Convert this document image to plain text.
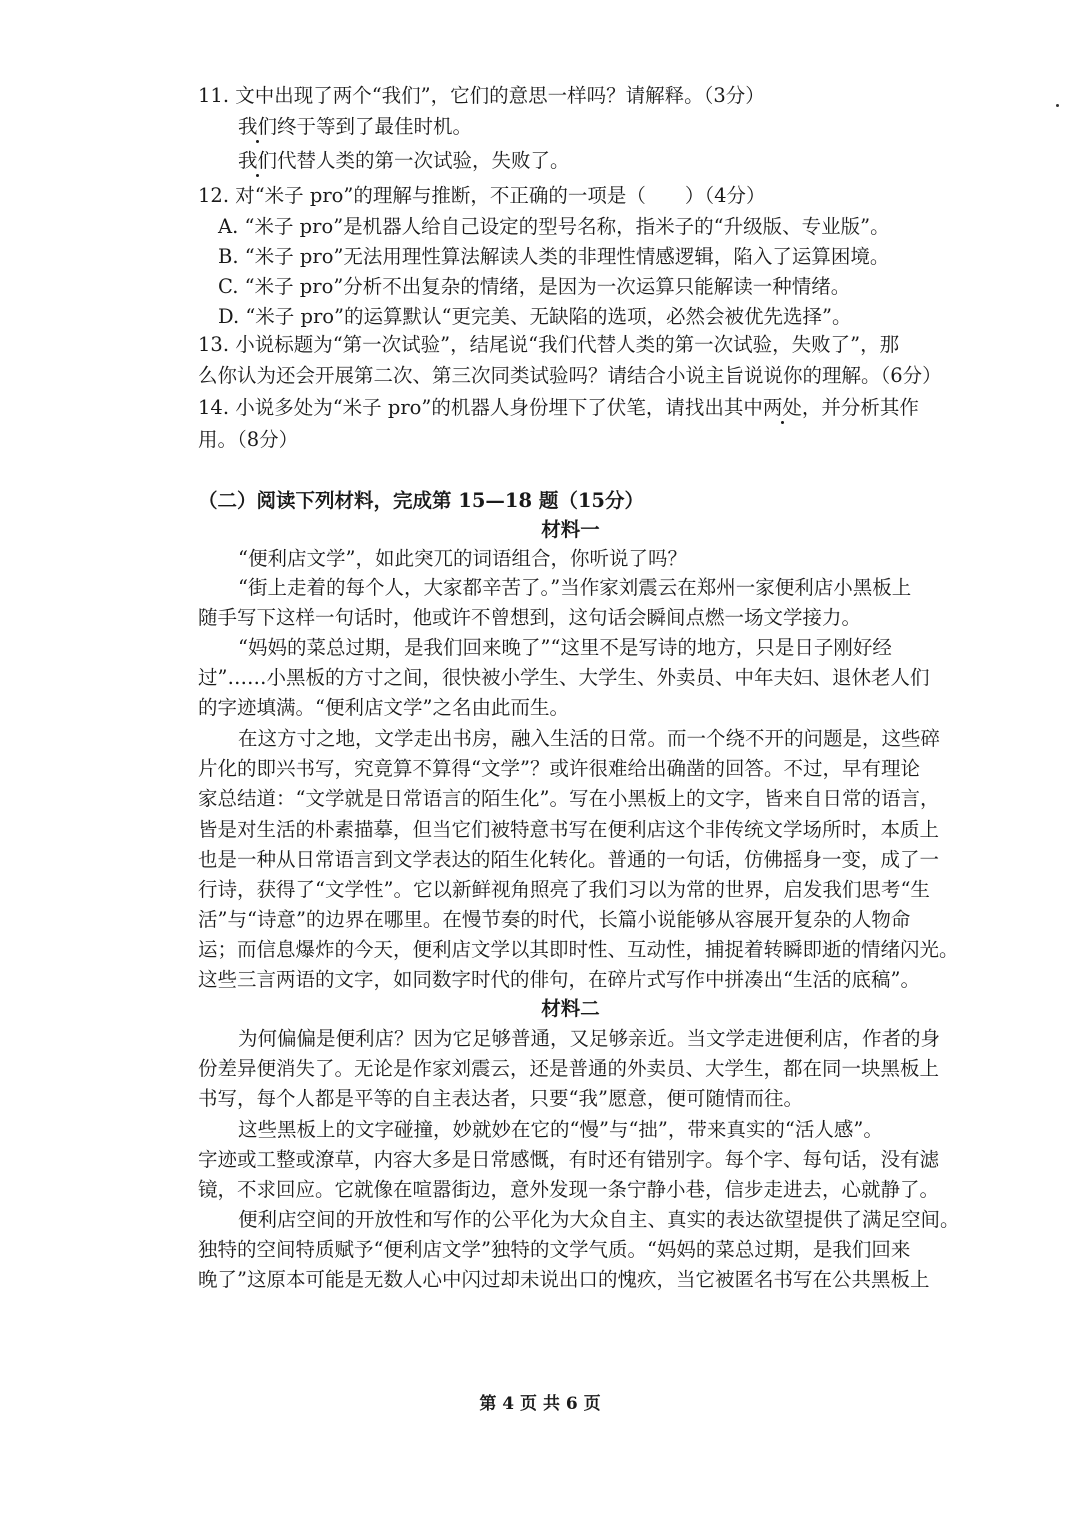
11. 文中出现了两个“我们”，它们的意思一样吗？请解释。（3分）
我们终于等到了最佳时机。
我们代替人类的第一次试验，失败了。
12. 对“米子 pro”的理解与推断，不正确的一项是（　　）（4分）
A. “米子 pro”是机器人给自己设定的型号名称，指米子的“升级版、专业版”。
B. “米子 pro”无法用理性算法解读人类的非理性情感逻辑，陷入了运算困境。
C. “米子 pro”分析不出复杂的情绪，是因为一次运算只能解读一种情绪。
D. “米子 pro”的运算默认“更完美、无缺陷的选项，必然会被优先选择”。
13. 小说标题为“第一次试验”，结尾说“我们代替人类的第一次试验，失败了”，那
么你认为还会开展第二次、第三次同类试验吗？请结合小说主旨说说你的理解。（6分）
14. 小说多处为“米子 pro”的机器人身份埋下了伏笔，请找出其中两处，并分析其作
用。（8分）
（二）阅读下列材料，完成第 15—18 题（15分）
材料一
“便利店文学”，如此突兀的词语组合，你听说了吗？
“街上走着的每个人，大家都辛苦了。”当作家刘震云在郑州一家便利店小黑板上
随手写下这样一句话时，他或许不曾想到，这句话会瞬间点燃一场文学接力。
“妈妈的菜总过期，是我们回来晚了”“这里不是写诗的地方，只是日子刚好经
过”……小黑板的方寸之间，很快被小学生、大学生、外卖员、中年夫妇、退休老人们
的字迹填满。“便利店文学”之名由此而生。
在这方寸之地，文学走出书房，融入生活的日常。而一个绕不开的问题是，这些碎
片化的即兴书写，究竟算不算得“文学”？或许很难给出确凿的回答。不过，早有理论
家总结道：“文学就是日常语言的陌生化”。写在小黑板上的文字，皆来自日常的语言，
皆是对生活的朴素描摹，但当它们被特意书写在便利店这个非传统文学场所时，本质上
也是一种从日常语言到文学表达的陌生化转化。普通的一句话，仿佛摇身一变，成了一
行诗，获得了“文学性”。它以新鲜视角照亮了我们习以为常的世界，启发我们思考“生
活”与“诗意”的边界在哪里。在慢节奏的时代，长篇小说能够从容展开复杂的人物命
运；而信息爆炸的今天，便利店文学以其即时性、互动性，捕捉着转瞬即逝的情绪闪光。
这些三言两语的文字，如同数字时代的俳句，在碎片式写作中拼凑出“生活的底稿”。
材料二
为何偏偏是便利店？因为它足够普通，又足够亲近。当文学走进便利店，作者的身
份差异便消失了。无论是作家刘震云，还是普通的外卖员、大学生，都在同一块黑板上
书写，每个人都是平等的自主表达者，只要“我”愿意，便可随情而往。
这些黑板上的文字碰撞，妙就妙在它的“慢”与“拙”，带来真实的“活人感”。
字迹或工整或潦草，内容大多是日常感慨，有时还有错别字。每个字、每句话，没有滤
镜，不求回应。它就像在喧嚣街边，意外发现一条宁静小巷，信步走进去，心就静了。
便利店空间的开放性和写作的公平化为大众自主、真实的表达欲望提供了满足空间。
独特的空间特质赋予“便利店文学”独特的文学气质。“妈妈的菜总过期，是我们回来
晚了”这原本可能是无数人心中闪过却未说出口的愧疚，当它被匿名书写在公共黑板上
第 4 页 共 6 页
